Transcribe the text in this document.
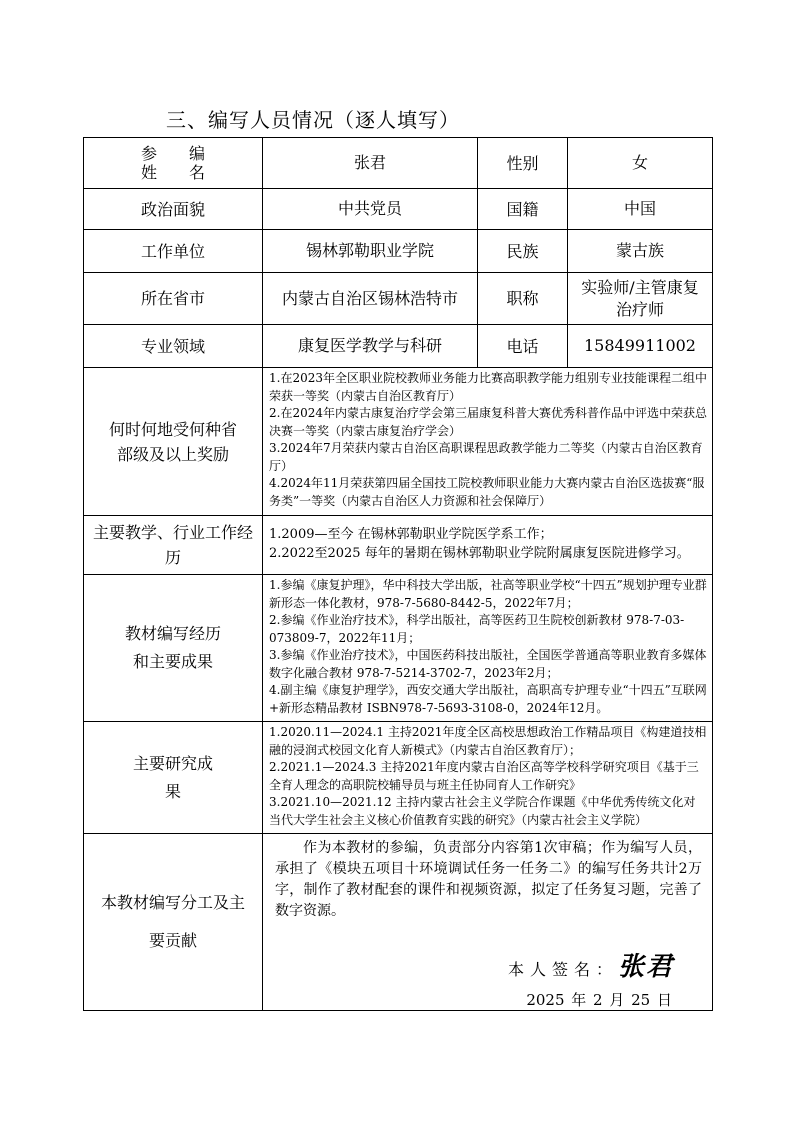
三、编写人员情况（逐人填写）
参　　编
姓　　名	张君	性别	女
政治面貌	中共党员	国籍	中国
工作单位	锡林郭勒职业学院	民族	蒙古族
所在省市	内蒙古自治区锡林浩特市	职称	实验师/主管康复治疗师
专业领域	康复医学教学与科研	电话	15849911002
何时何地受何种省部级及以上奖励	1.在2023年全区职业院校教师业务能力比赛高职教学能力组别专业技能课程二组中荣获一等奖（内蒙古自治区教育厅）

2.在2024年内蒙古康复治疗学会第三届康复科普大赛优秀科普作品中评选中荣获总决赛一等奖（内蒙古康复治疗学会）

3.2024年7月荣获内蒙古自治区高职课程思政教学能力二等奖（内蒙古自治区教育厅）

4.2024年11月荣获第四届全国技工院校教师职业能力大赛内蒙古自治区选拔赛“服务类”一等奖（内蒙古自治区人力资源和社会保障厅）		

主要教学、行业工作经历	1.2009—至今 在锡林郭勒职业学院医学系工作；

2.2022至2025 每年的暑期在锡林郭勒职业学院附属康复医院进修学习。		

教材编写经历和主要成果	1.参编《康复护理》，华中科技大学出版，社高等职业学校“十四五”规划护理专业群新形态一体化教材，978-7-5680-8442-5，2022年7月；

2.参编《作业治疗技术》，科学出版社，高等医药卫生院校创新教材 978-7-03-073809-7，2022年11月；

3.参编《作业治疗技术》，中国医药科技出版社，全国医学普通高等职业教育多媒体数字化融合教材 978-7-5214-3702-7，2023年2月；

4.副主编《康复护理学》，西安交通大学出版社，高职高专护理专业“十四五”互联网+新形态精品教材 ISBN978-7-5693-3108-0，2024年12月。		

主要研究成果	1.2020.11—2024.1 主持2021年度全区高校思想政治工作精品项目《构建道技相融的浸润式校园文化育人新模式》（内蒙古自治区教育厅）；

2.2021.1—2024.3 主持2021年度内蒙古自治区高等学校科学研究项目《基于三全育人理念的高职院校辅导员与班主任协同育人工作研究》

3.2021.10—2021.12 主持内蒙古社会主义学院合作课题《中华优秀传统文化对当代大学生社会主义核心价值教育实践的研究》（内蒙古社会主义学院）		

本教材编写分工及主要贡献	作为本教材的参编，负责部分内容第1次审稿；作为编写人员，承担了《模块五项目十环境调试任务一任务二》的编写任务共计2万字，制作了教材配套的课件和视频资源，拟定了任务复习题，完善了数字资源。

本人签名：张君
2025 年 2 月 25 日		
